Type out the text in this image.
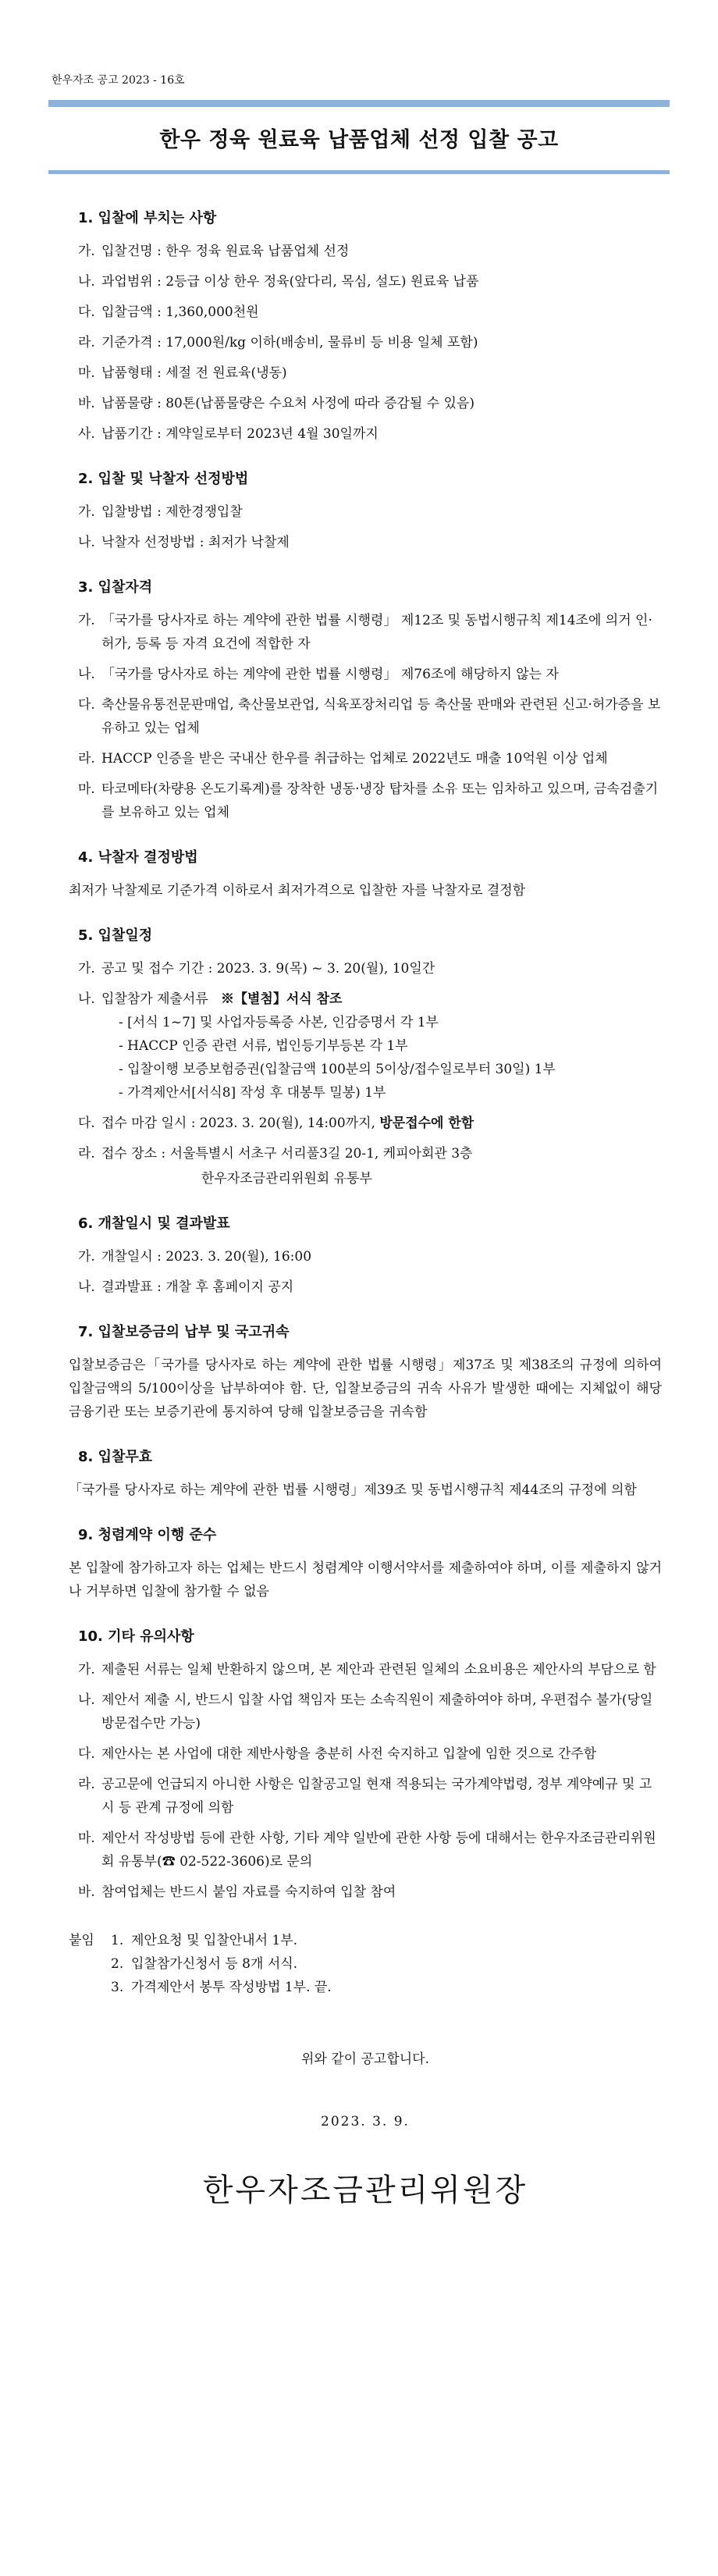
한우자조 공고 2023 - 16호
한우 정육 원료육 납품업체 선정 입찰 공고
1. 입찰에 부치는 사항
가. 입찰건명 : 한우 정육 원료육 납품업체 선정
나. 과업범위 : 2등급 이상 한우 정육(앞다리, 목심, 설도) 원료육 납품
다. 입찰금액 : 1,360,000천원
라. 기준가격 : 17,000원/kg 이하(배송비, 물류비 등 비용 일체 포함)
마. 납품형태 : 세절 전 원료육(냉동)
바. 납품물량 : 80톤(납품물량은 수요처 사정에 따라 증감될 수 있음)
사. 납품기간 : 계약일로부터 2023년 4월 30일까지
2. 입찰 및 낙찰자 선정방법
가. 입찰방법 : 제한경쟁입찰
나. 낙찰자 선정방법 : 최저가 낙찰제
3. 입찰자격
가. 「국가를 당사자로 하는 계약에 관한 법률 시행령」 제12조 및 동법시행규칙 제14조에 의거 인·허가, 등록 등 자격 요건에 적합한 자
나. 「국가를 당사자로 하는 계약에 관한 법률 시행령」 제76조에 해당하지 않는 자
다. 축산물유통전문판매업, 축산물보관업, 식육포장처리업 등 축산물 판매와 관련된 신고·허가증을 보유하고 있는 업체
라. HACCP 인증을 받은 국내산 한우를 취급하는 업체로 2022년도 매출 10억원 이상 업체
마. 타코메타(차량용 온도기록계)를 장착한 냉동·냉장 탑차를 소유 또는 임차하고 있으며, 금속검출기를 보유하고 있는 업체
4. 낙찰자 결정방법
최저가 낙찰제로 기준가격 이하로서 최저가격으로 입찰한 자를 낙찰자로 결정함
5. 입찰일정
가. 공고 및 접수 기간 : 2023. 3. 9(목) ~ 3. 20(월), 10일간
나. 입찰참가 제출서류 ※【별첨】서식 참조
- [서식 1~7] 및 사업자등록증 사본, 인감증명서 각 1부
- HACCP 인증 관련 서류, 법인등기부등본 각 1부
- 입찰이행 보증보험증권(입찰금액 100분의 5이상/접수일로부터 30일) 1부
- 가격제안서[서식8] 작성 후 대봉투 밀봉) 1부
다. 접수 마감 일시 : 2023. 3. 20(월), 14:00까지, 방문접수에 한함
라. 접수 장소 : 서울특별시 서초구 서리풀3길 20-1, 케피아회관 3층
한우자조금관리위원회 유통부
6. 개찰일시 및 결과발표
가. 개찰일시 : 2023. 3. 20(월), 16:00
나. 결과발표 : 개찰 후 홈페이지 공지
7. 입찰보증금의 납부 및 국고귀속
입찰보증금은「국가를 당사자로 하는 계약에 관한 법률 시행령」제37조 및 제38조의 규정에 의하여 입찰금액의 5/100이상을 납부하여야 함. 단, 입찰보증금의 귀속 사유가 발생한 때에는 지체없이 해당 금융기관 또는 보증기관에 통지하여 당해 입찰보증금을 귀속함
8. 입찰무효
「국가를 당사자로 하는 계약에 관한 법률 시행령」제39조 및 동법시행규칙 제44조의 규정에 의함
9. 청렴계약 이행 준수
본 입찰에 참가하고자 하는 업체는 반드시 청렴계약 이행서약서를 제출하여야 하며, 이를 제출하지 않거나 거부하면 입찰에 참가할 수 없음
10. 기타 유의사항
가. 제출된 서류는 일체 반환하지 않으며, 본 제안과 관련된 일체의 소요비용은 제안사의 부담으로 함
나. 제안서 제출 시, 반드시 입찰 사업 책임자 또는 소속직원이 제출하여야 하며, 우편접수 불가(당일 방문접수만 가능)
다. 제안사는 본 사업에 대한 제반사항을 충분히 사전 숙지하고 입찰에 임한 것으로 간주함
라. 공고문에 언급되지 아니한 사항은 입찰공고일 현재 적용되는 국가계약법령, 정부 계약예규 및 고시 등 관계 규정에 의함
마. 제안서 작성방법 등에 관한 사항, 기타 계약 일반에 관한 사항 등에 대해서는 한우자조금관리위원회 유통부(☎ 02-522-3606)로 문의
바. 참여업체는 반드시 붙임 자료를 숙지하여 입찰 참여
붙임	1. 제안요청 및 입찰안내서 1부.
2. 입찰참가신청서 등 8개 서식.
3. 가격제안서 봉투 작성방법 1부. 끝.
위와 같이 공고합니다.
2023. 3. 9.
한우자조금관리위원장
